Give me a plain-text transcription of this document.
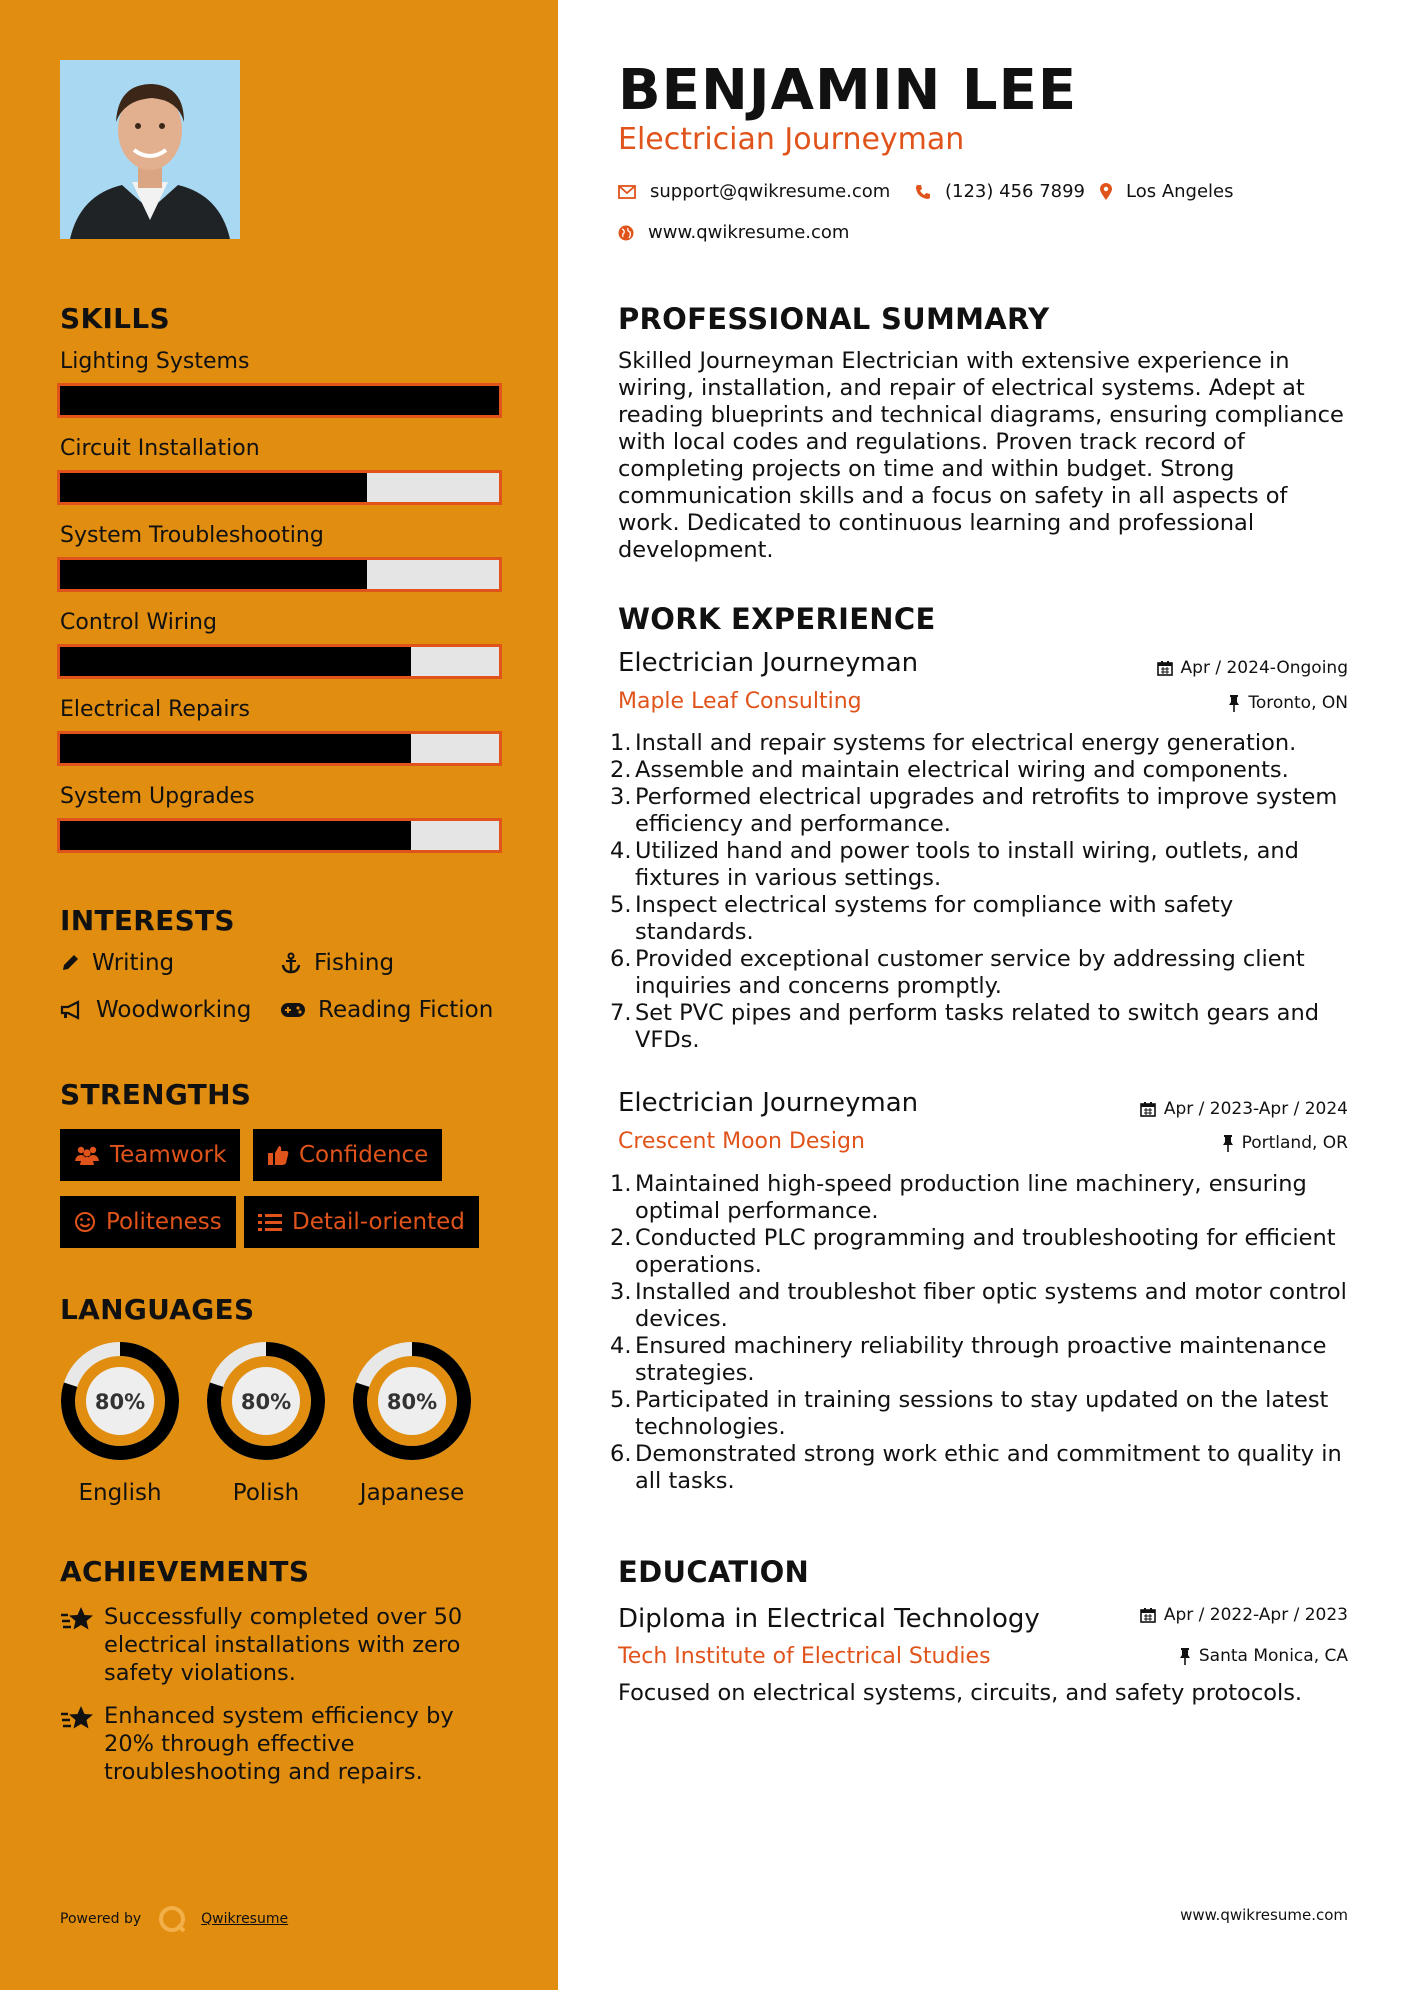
SKILLS
Lighting Systems
Circuit Installation
System Troubleshooting
Control Wiring
Electrical Repairs
System Upgrades
INTERESTS
Writing	Fishing
Woodworking	Reading Fiction
STRENGTHS
Teamwork	Confidence
Politeness	Detail-oriented
LANGUAGES
80%
English
80%
Polish
80%
Japanese
ACHIEVEMENTS
Successfully completed over 50 electrical installations with zero safety violations.
Enhanced system efficiency by 20% through effective troubleshooting and repairs.
Powered by	Qwikresume
BENJAMIN LEE
Electrician Journeyman
support@qwikresume.com	(123) 456 7899 Los Angeles
www.qwikresume.com
PROFESSIONAL SUMMARY
Skilled Journeyman Electrician with extensive experience in wiring, installation, and repair of electrical systems. Adept at reading blueprints and technical diagrams, ensuring compliance with local codes and regulations. Proven track record of completing projects on time and within budget. Strong communication skills and a focus on safety in all aspects of work. Dedicated to continuous learning and professional development.
WORK EXPERIENCE
Electrician Journeyman	Apr / 2024-Ongoing
Maple Leaf Consulting	Toronto, ON
Install and repair systems for electrical energy generation.
Assemble and maintain electrical wiring and components.
Performed electrical upgrades and retrofits to improve system efficiency and performance.
Utilized hand and power tools to install wiring, outlets, and fixtures in various settings.
Inspect electrical systems for compliance with safety standards.
Provided exceptional customer service by addressing client inquiries and concerns promptly.
Set PVC pipes and perform tasks related to switch gears and VFDs.
Electrician Journeyman	Apr / 2023-Apr / 2024
Crescent Moon Design	Portland, OR
Maintained high-speed production line machinery, ensuring optimal performance.
Conducted PLC programming and troubleshooting for efficient operations.
Installed and troubleshot fiber optic systems and motor control devices.
Ensured machinery reliability through proactive maintenance strategies.
Participated in training sessions to stay updated on the latest technologies.
Demonstrated strong work ethic and commitment to quality in all tasks.
EDUCATION
Diploma in Electrical Technology	Apr / 2022-Apr / 2023
Tech Institute of Electrical Studies	Santa Monica, CA
Focused on electrical systems, circuits, and safety protocols.
www.qwikresume.com
